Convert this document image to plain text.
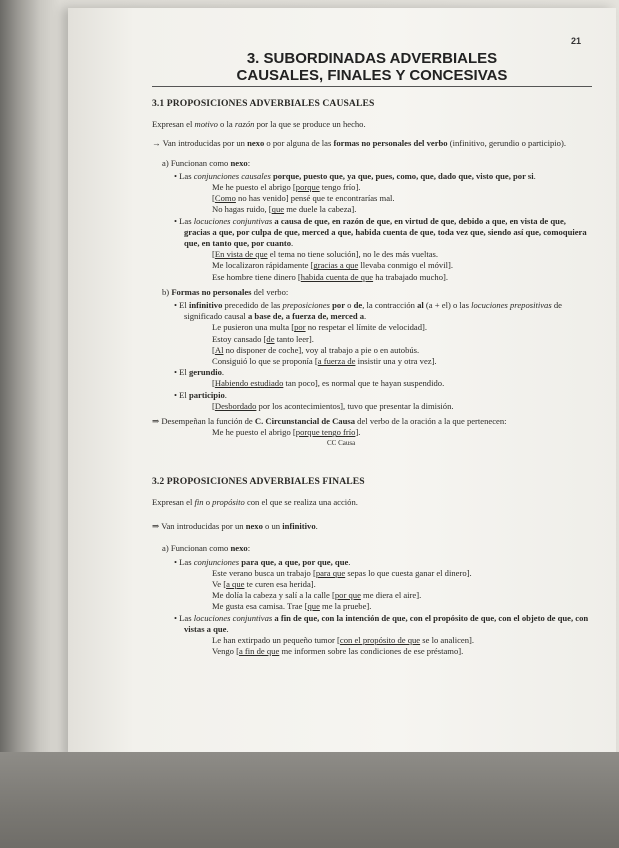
21
3. SUBORDINADAS ADVERBIALES
CAUSALES, FINALES Y CONCESIVAS
3.1 PROPOSICIONES ADVERBIALES CAUSALES
Expresan el motivo o la razón por la que se produce un hecho.
→ Van introducidas por un nexo o por alguna de las formas no personales del verbo (infinitivo, gerundio o participio).
a) Funcionan como nexo:
• Las conjunciones causales porque, puesto que, ya que, pues, como, que, dado que, visto que, por si.
Me he puesto el abrigo [porque tengo frío].
[Como no has venido] pensé que te encontrarías mal.
No hagas ruido, [que me duele la cabeza].
• Las locuciones conjuntivas a causa de que, en razón de que, en virtud de que, debido a que, en vista de que, gracias a que, por culpa de que, merced a que, habida cuenta de que, toda vez que, siendo así que, comoquiera que, en tanto que, por cuanto.
[En vista de que el tema no tiene solución], no le des más vueltas.
Me localizaron rápidamente [gracias a que llevaba conmigo el móvil].
Ese hombre tiene dinero [habida cuenta de que ha trabajado mucho].
b) Formas no personales del verbo:
• El infinitivo precedido de las preposiciones por o de, la contracción al (a + el) o las locuciones prepositivas de significado causal a base de, a fuerza de, merced a.
Le pusieron una multa [por no respetar el límite de velocidad].
Estoy cansado [de tanto leer].
[Al no disponer de coche], voy al trabajo a pie o en autobús.
Consiguió lo que se proponía [a fuerza de insistir una y otra vez].
• El gerundio.
[Habiendo estudiado tan poco], es normal que te hayan suspendido.
• El participio.
[Desbordado por los acontecimientos], tuvo que presentar la dimisión.
⇒ Desempeñan la función de C. Circunstancial de Causa del verbo de la oración a la que pertenecen:
Me he puesto el abrigo [porque tengo frío].
CC Causa
3.2 PROPOSICIONES ADVERBIALES FINALES
Expresan el fin o propósito con el que se realiza una acción.
⇒ Van introducidas por un nexo o un infinitivo.
a) Funcionan como nexo:
• Las conjunciones para que, a que, por que, que.
Este verano busca un trabajo [para que sepas lo que cuesta ganar el dinero].
Ve [a que te curen esa herida].
Me dolía la cabeza y salí a la calle [por que me diera el aire].
Me gusta esa camisa. Trae [que me la pruebe].
• Las locuciones conjuntivas a fin de que, con la intención de que, con el propósito de que, con el objeto de que, con vistas a que.
Le han extirpado un pequeño tumor [con el propósito de que se lo analicen].
Vengo [a fin de que me informen sobre las condiciones de ese préstamo].
